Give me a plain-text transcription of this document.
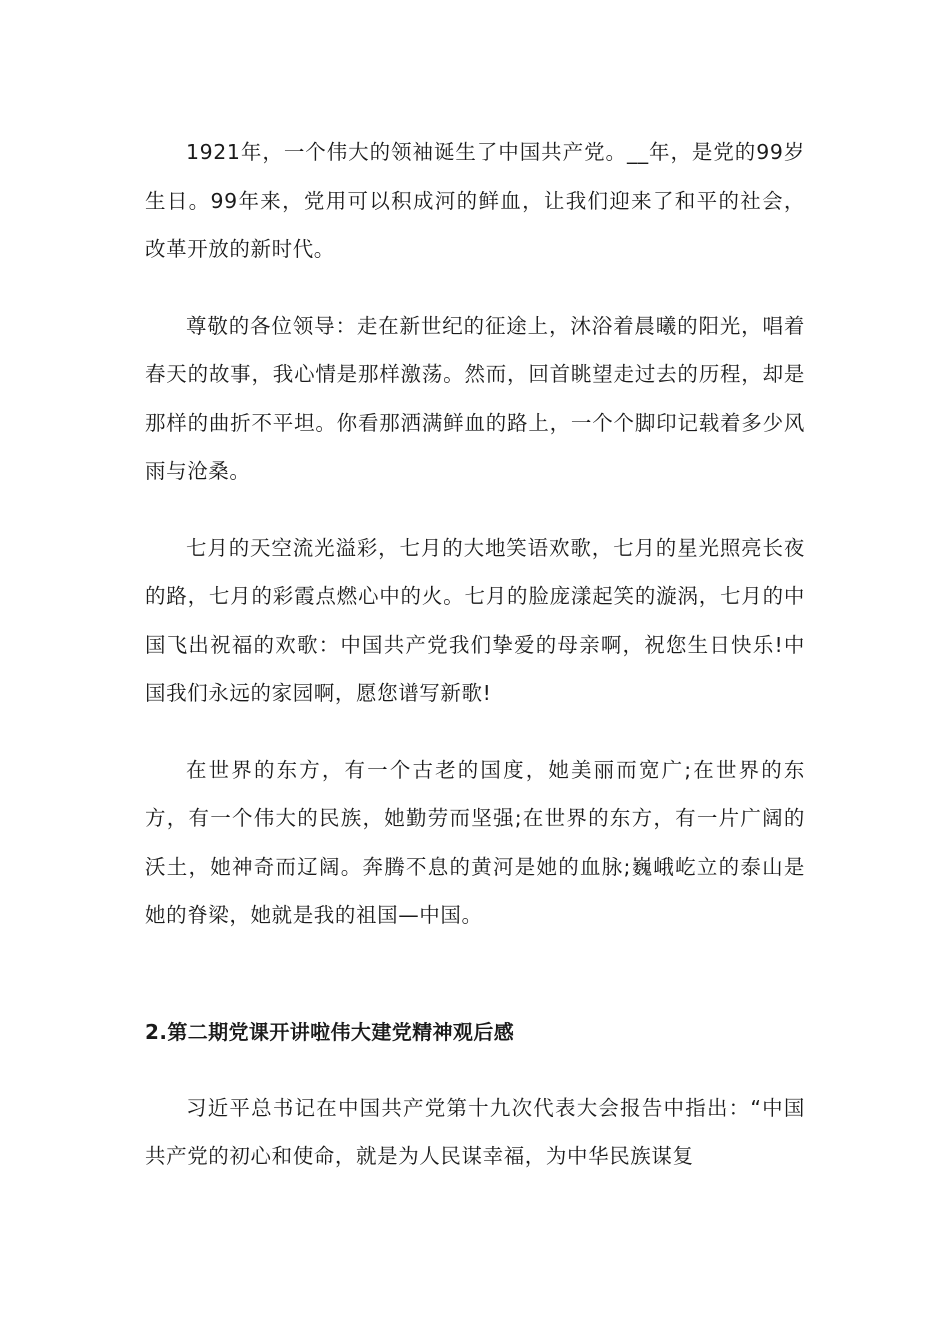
1921年，一个伟大的领袖诞生了中国共产党。__年，是党的99岁生日。99年来，党用可以积成河的鲜血，让我们迎来了和平的社会，改革开放的新时代。

尊敬的各位领导：走在新世纪的征途上，沐浴着晨曦的阳光，唱着春天的故事，我心情是那样激荡。然而，回首眺望走过去的历程，却是那样的曲折不平坦。你看那洒满鲜血的路上，一个个脚印记载着多少风雨与沧桑。

七月的天空流光溢彩，七月的大地笑语欢歌，七月的星光照亮长夜的路，七月的彩霞点燃心中的火。七月的脸庞漾起笑的漩涡，七月的中国飞出祝福的欢歌：中国共产党我们挚爱的母亲啊，祝您生日快乐!中国我们永远的家园啊，愿您谱写新歌!

在世界的东方，有一个古老的国度，她美丽而宽广;在世界的东方，有一个伟大的民族，她勤劳而坚强;在世界的东方，有一片广阔的沃土，她神奇而辽阔。奔腾不息的黄河是她的血脉;巍峨屹立的泰山是她的脊梁，她就是我的祖国—中国。

2.第二期党课开讲啦伟大建党精神观后感

习近平总书记在中国共产党第十九次代表大会报告中指出：“中国共产党的初心和使命，就是为人民谋幸福，为中华民族谋复
